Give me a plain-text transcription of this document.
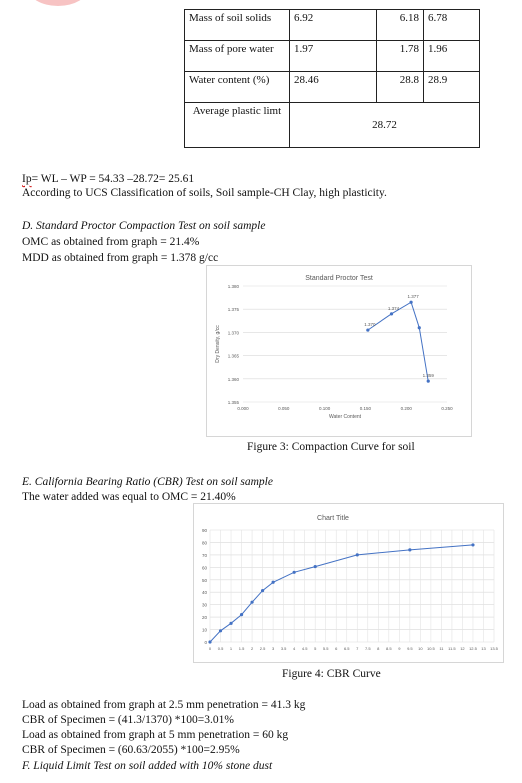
Mass of soil solids	6.92	6.18	6.78
Mass of pore water	1.97	1.78	1.96
Water content (%)	28.46	28.8	28.9
Average plastic limt	28.72		
Ip= WL – WP = 54.33 –28.72= 25.61
According to UCS Classification of soils, Soil sample-CH Clay, high plasticity.
D. Standard Proctor Compaction Test on soil sample
OMC as obtained from graph = 21.4%
MDD as obtained from graph = 1.378 g/cc
Standard Proctor Test
1.355
1.360
1.365
1.370
1.375
1.380
0.000	0.050	0.100	0.150	0.200	0.250
Water Content
Dry Density, g/cc
1.370
1.374
1.377
1.359
Figure 3: Compaction Curve for soil
E. California Bearing Ratio (CBR) Test on soil sample
The water added was equal to OMC = 21.40%
Chart Title
0
10
20
30
40
50
60
70
80
90
0 0.5 1 1.5 2 2.5 3 3.5 4 4.5 5 5.5 6 6.5 7 7.5 8 8.5 9 9.5 10 10.5 11 11.5 12 12.5 13 13.5
Figure 4: CBR Curve
Load as obtained from graph at 2.5 mm penetration = 41.3 kg
CBR of Specimen = (41.3/1370) *100=3.01%
Load as obtained from graph at 5 mm penetration = 60 kg
CBR of Specimen = (60.63/2055) *100=2.95%
F. Liquid Limit Test on soil added with 10% stone dust
